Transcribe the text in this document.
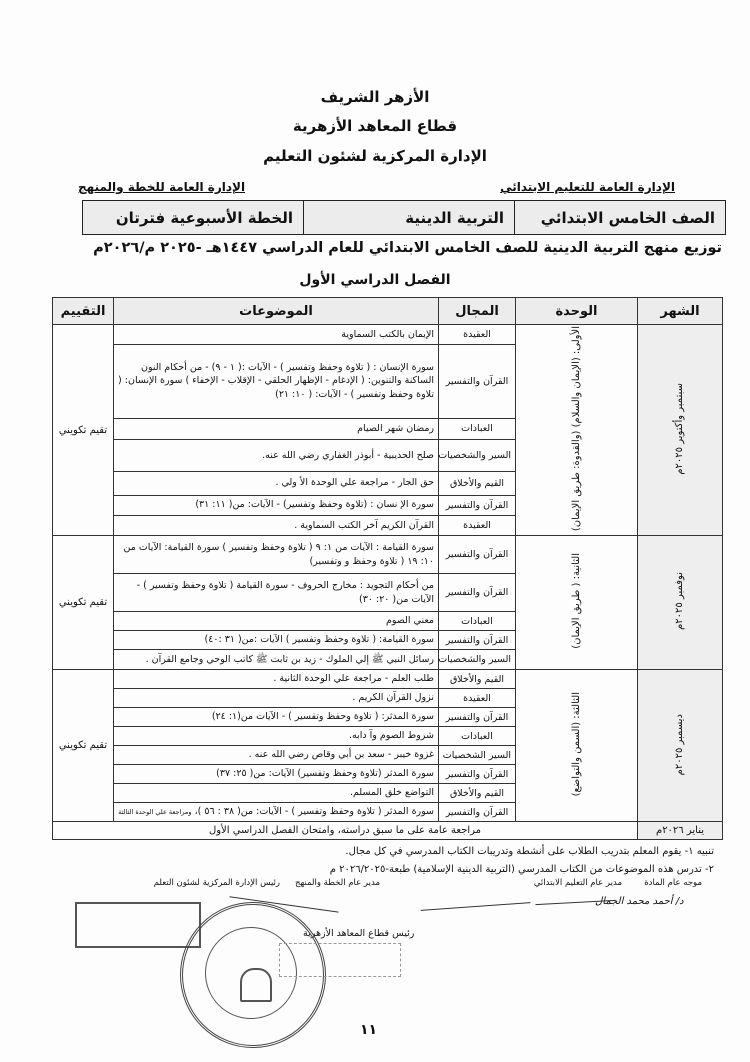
الأزهر الشريف
قطاع المعاهد الأزهرية
الإدارة المركزية لشئون التعليم
الإدارة العامة للتعليم الابتدائي
الإدارة العامة للخطة والمنهج
الصف الخامس الابتدائي
التربية الدينية
الخطة الأسبوعية فترتان
توزيع منهج التربية الدينية للصف الخامس الابتدائي للعام الدراسي ١٤٤٧هـ -٢٠٢٥ م/٢٠٢٦م
الفصل الدراسي الأول
الشهر	الوحدة	المجال	الموضوعات	التقييم
سبتمبر وأكتوبر ٢٠٢٥م	الأولى: (الإيمان والسلام) (والقدوة: طريق الإيمان)	العقيدة	الإيمان بالكتب السماوية	تقيم تكويني
		القرآن والتفسير	سورة الإنسان : ( تلاوة وحفظ وتفسير ) - الآيات :( ١ - ٩) - من أحكام النون الساكنة والتنوين: ( الإدغام - الإظهار الحلقي - الإقلاب - الإخفاء ) سورة الإنسان: ( تلاوة وحفظ وتفسير ) - الآيات: ( ١٠: ٢١)	
		العبادات	رمضان شهر الصيام	
		السير والشخصيات	صلح الحديبية - أبوذر الغفاري رضي الله عنه.	
		القيم والأخلاق	حق الجار - مراجعة علي الوحدة الأ ولي .	
		القرآن والتفسير	سورة الإ نسان : (تلاوة وحفظ وتفسير) - الآيات: من( ١١: ٣١)	
		العقيدة	القرآن الكريم آخر الكتب السماوية .	
نوفمبر ٢٠٢٥م	الثانية: ( طريق الإيمان)	القرآن والتفسير	سورة القيامة : الآيات من ١: ٩ ( تلاوة وحفظ وتفسير ) سورة القيامة: الآيات من ١٠: ١٩ ( تلاوة وحفظ و وتفسير)	تقيم تكويني
		القرآن والتفسير	من أحكام التجويد : مخارج الحروف - سورة القيامة ( تلاوة وحفظ وتفسير ) - الآيات من( ٢٠: ٣٠)	
		العبادات	معني الصوم	
		القرآن والتفسير	سورة القيامة: ( تلاوة وحفظ وتفسير ) الآيات :من( ٣١ :٤٠)	
		السير والشخصيات	رسائل النبي ﷺ إلي الملوك - زيد بن ثابت ﷺ كاتب الوحي وجامع القرآن .	
ديسمبر ٢٠٢٥م	الثالثة: (السمن والتواضع)	القيم والأخلاق	طلب العلم - مراجعة علي الوحدة الثانية .	تقيم تكويني
		العقيدة	نزول القرآن الكريم .	
		القرآن والتفسير	سورة المدثر: ( تلاوة وحفظ وتفسير ) - الآيات من(١: ٢٤)	
		العبادات	شروط الصوم وآ دابه.	
		السير الشخصيات	غزوة خيبر - سعد بن أبي وقاص رضي الله عنه .	
		القرآن والتفسير	سورة المدثر (تلاوة وحفظ وتفسير) الآيات: من( ٢٥: ٣٧)	
		القيم والأخلاق	التواضع خلق المسلم.	
		القرآن والتفسير	سورة المدثر ( تلاوة وحفظ وتفسير ) - الآيات: من( ٣٨ : ٥٦ )، ومراجعة علي الوحدة الثالثة	
يناير ٢٠٢٦م	مراجعة عامة على ما سبق دراسته، وامتحان الفصل الدراسي الأول			
تنبيه ١- يقوم المعلم بتدريب الطلاب على أنشطة وتدريبات الكتاب المدرسي في كل مجال.
٢- تدرس هذه الموضوعات من الكتاب المدرسي (التربية الدينية الإسلامية) طبعة-٢٠٢٦/٢٠٢٥ م
موجه عام المادة
مدير عام التعليم الابتدائي
مدير عام الخطة والمنهج
رئيس الإدارة المركزية لشئون التعلم
د/ أحمد محمد الجمال
رئيس قطاع المعاهد الأزهرية
١١
